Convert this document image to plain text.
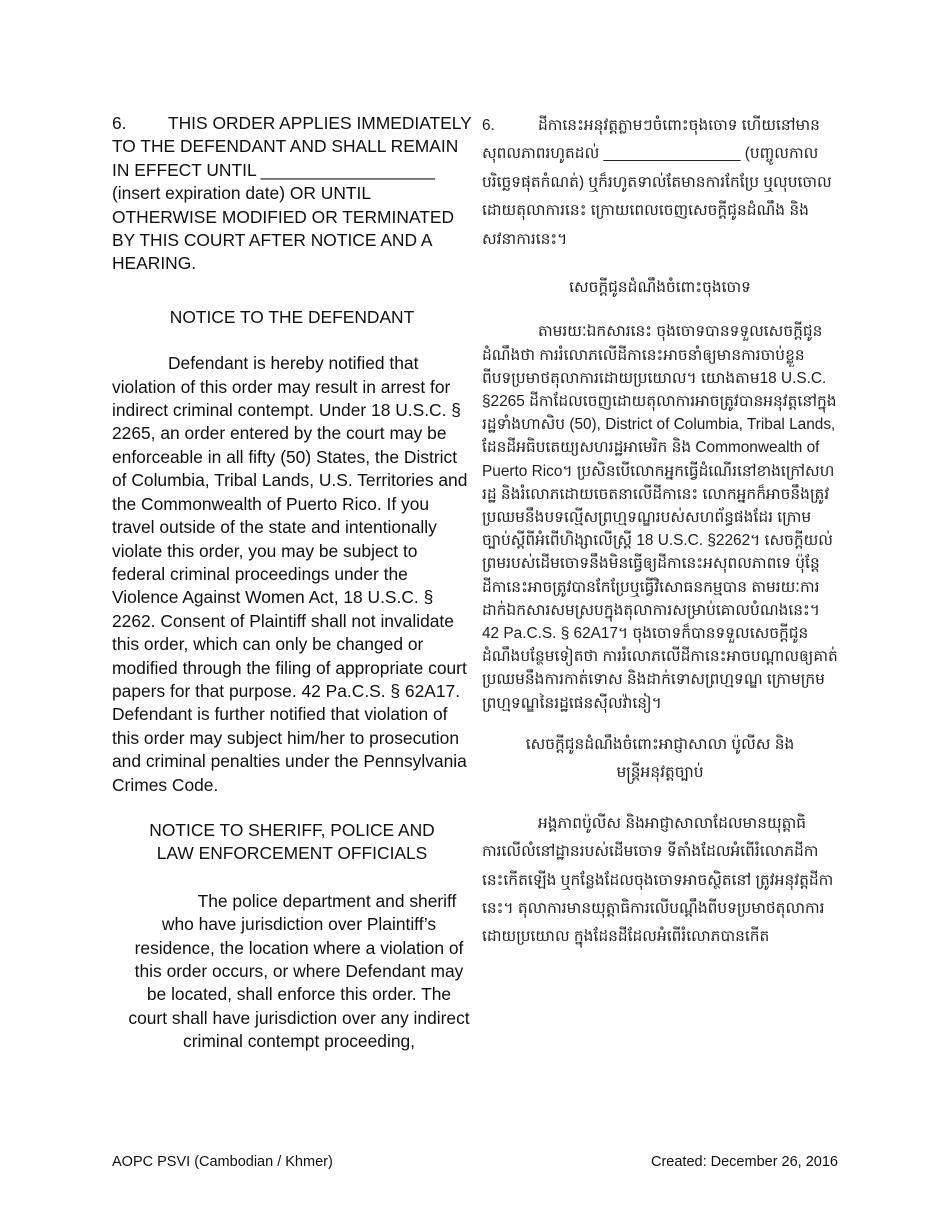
6. THIS ORDER APPLIES IMMEDIATELY TO THE DEFENDANT AND SHALL REMAIN IN EFFECT UNTIL __________________ (insert expiration date) OR UNTIL OTHERWISE MODIFIED OR TERMINATED BY THIS COURT AFTER NOTICE AND A HEARING.

NOTICE TO THE DEFENDANT

Defendant is hereby notified that violation of this order may result in arrest for indirect criminal contempt. Under 18 U.S.C. § 2265, an order entered by the court may be enforceable in all fifty (50) States, the District of Columbia, Tribal Lands, U.S. Territories and the Commonwealth of Puerto Rico. If you travel outside of the state and intentionally violate this order, you may be subject to federal criminal proceedings under the Violence Against Women Act, 18 U.S.C. § 2262. Consent of Plaintiff shall not invalidate this order, which can only be changed or modified through the filing of appropriate court papers for that purpose. 42 Pa.C.S. § 62A17. Defendant is further notified that violation of this order may subject him/her to prosecution and criminal penalties under the Pennsylvania Crimes Code.

NOTICE TO SHERIFF, POLICE AND
LAW ENFORCEMENT OFFICIALS

The police department and sheriff who have jurisdiction over Plaintiff’s residence, the location where a violation of this order occurs, or where Defendant may be located, shall enforce this order. The court shall have jurisdiction over any indirect criminal contempt proceeding,

6.	ដីកានេះអនុវត្តភ្លាមៗចំពោះចុងចោទ ហើយនៅមានសុពលភាពរហូតដល់ ________________ (បញ្ចូលកាលបរិច្ឆេទផុតកំណត់) ឬក៏រហូតទាល់តែមានការកែប្រែ ឬលុបចោលដោយតុលាការនេះ ក្រោយពេលចេញសេចក្តីជូនដំណឹង និងសវនាការនេះ។

សេចក្តីជូនដំណឹងចំពោះចុងចោទ

តាមរយៈឯកសារនេះ ចុងចោទបានទទួលសេចក្តីជូនដំណឹងថា ការរំលោភលើដីកានេះអាចនាំឲ្យមានការចាប់ខ្លួន ពីបទប្រមាថតុលាការដោយប្រយោល។ យោងតាម18 U.S.C. §2265 ដីកាដែលចេញដោយតុលាការអាចត្រូវបានអនុវត្តនៅក្នុងរដ្ឋទាំងហាសិប (50), District of Columbia, Tribal Lands, ដែនដីអធិបតេយ្យសហរដ្ឋអាមេរិក និង Commonwealth of Puerto Rico។ ប្រសិនបើលោកអ្នកធ្វើដំណើរនៅខាងក្រៅសហរដ្ឋ និងរំលោភដោយចេតនាលើដីកានេះ លោកអ្នកក៏អាចនឹងត្រូវប្រឈមនឹងបទល្មើសព្រហ្មទណ្ឌរបស់សហព័ន្ធផងដែរ ក្រោមច្បាប់ស្តីពីអំពើហិង្សាលើស្ត្រី 18 U.S.C. §2262។ សេចក្តីយល់ព្រមរបស់ដើមចោទនឹងមិនធ្វើឲ្យដីកានេះអសុពលភាពទេ ប៉ុន្តែដីកានេះអាចត្រូវបានកែប្រែឬធ្វើវិសោធនកម្មបាន តាមរយៈការដាក់ឯកសារសមស្របក្នុងតុលាការសម្រាប់គោលបំណងនេះ។ 42 Pa.C.S. § 62A17។ ចុងចោទក៏បានទទួលសេចក្តីជូនដំណឹងបន្ថែមទៀតថា ការរំលោភលើដីកានេះអាចបណ្តាលឲ្យគាត់ប្រឈមនឹងការកាត់ទោស និងដាក់ទោសព្រហ្មទណ្ឌ ក្រោមក្រមព្រហ្មទណ្ឌនៃរដ្ឋផេនស៊ីលវ៉ានៀ។

សេចក្តីជូនដំណឹងចំពោះអាជ្ញាសាលា ប៉ូលីស និង
មន្ត្រីអនុវត្តច្បាប់

អង្គភាពប៉ូលីស និងអាជ្ញាសាលាដែលមានយុត្តាធិការលើលំនៅដ្ឋានរបស់ដើមចោទ ទីតាំងដែលអំពើរំលោភដីកានេះកើតឡើង ឬកន្លែងដែលចុងចោទអាចស្ថិតនៅ ត្រូវអនុវត្តដីកានេះ។ តុលាការមានយុត្តាធិការលើបណ្តឹងពីបទប្រមាថតុលាការដោយប្រយោល ក្នុងដែនដីដែលអំពើរំលោភបានកើត

AOPC PSVI (Cambodian / Khmer)	Created: December 26, 2016
